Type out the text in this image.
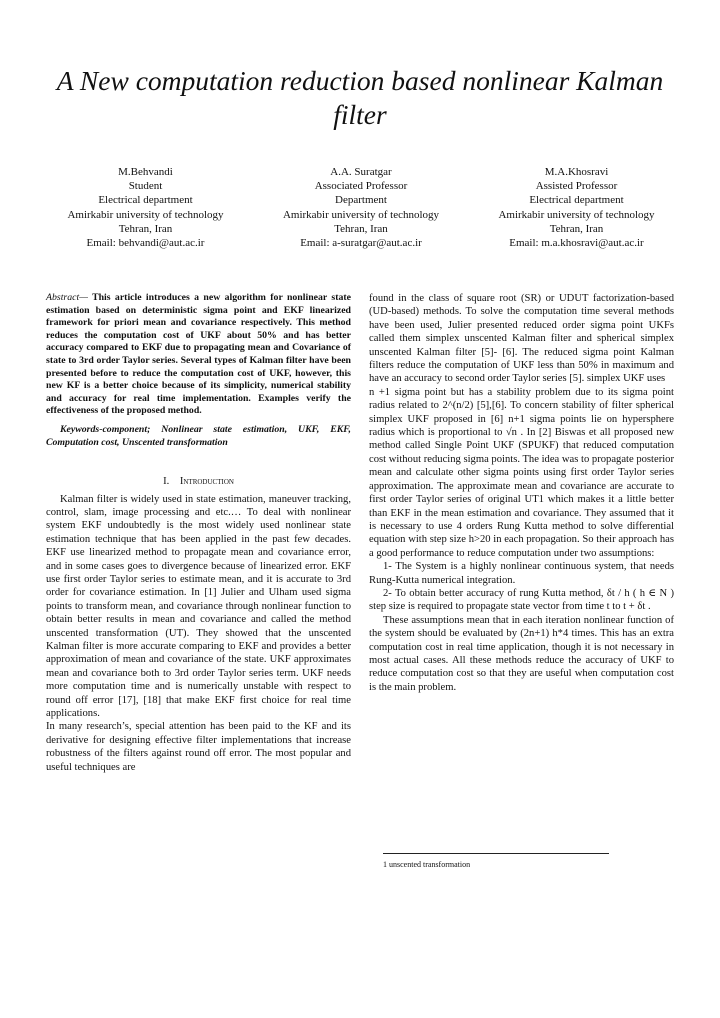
A New computation reduction based nonlinear Kalman filter
M.Behvandi
Student
Electrical department
Amirkabir university of technology
Tehran, Iran
Email: behvandi@aut.ac.ir
A.A. Suratgar
Associated Professor
Department
Amirkabir university of technology
Tehran, Iran
Email: a-suratgar@aut.ac.ir
M.A.Khosravi
Assisted Professor
Electrical department
Amirkabir university of technology
Tehran, Iran
Email: m.a.khosravi@aut.ac.ir

Abstract— This article introduces a new algorithm for nonlinear state estimation based on deterministic sigma point and EKF linearized framework for priori mean and covariance respectively. This method reduces the computation cost of UKF about 50% and has better accuracy compared to EKF due to propagating mean and Covariance of state to 3rd order Taylor series. Several types of Kalman filter have been presented before to reduce the computation cost of UKF, however, this new KF is a better choice because of its simplicity, numerical stability and accuracy for real time implementation. Examples verify the effectiveness of the proposed method.

Keywords-component; Nonlinear state estimation, UKF, EKF, Computation cost, Unscented transformation

I. Introduction

Kalman filter is widely used in state estimation, maneuver tracking, control, slam, image processing and etc.… To deal with nonlinear system EKF undoubtedly is the most widely used nonlinear state estimation technique that has been applied in the past few decades. EKF use linearized method to propagate mean and covariance error, and in some cases goes to divergence because of linearized error. EKF use first order Taylor series to estimate mean, and it is accurate to 3rd order for covariance estimation. In [1] Julier and Ulham used sigma points to transform mean, and covariance through nonlinear function to obtain better results in mean and covariance and called the method unscented transformation (UT). They showed that the unscented Kalman filter is more accurate comparing to EKF and provides a better approximation of mean and covariance of the state. UKF approximates mean and covariance both to 3rd order Taylor series term. UKF needs more computation time and is numerically unstable with respect to round off error [17], [18] that make EKF first choice for real time applications.

In many research’s, special attention has been paid to the KF and its derivative for designing effective filter implementations that increase robustness of the filters against round off error. The most popular and useful techniques are

found in the class of square root (SR) or UDUT factorization-based (UD-based) methods. To solve the computation time several methods have been used, Julier presented reduced order sigma point UKFs called them simplex unscented Kalman filter and spherical simplex unscented Kalman filter [5]- [6]. The reduced sigma point Kalman filters reduce the computation of UKF less than 50% in maximum and have an accuracy to second order Taylor series [5]. simplex UKF uses

n +1 sigma point but has a stability problem due to its sigma point radius related to 2^(n/2) [5],[6]. To concern stability of filter spherical simplex UKF proposed in [6] n+1 sigma points lie on hypersphere radius which is proportional to √n . In [2] Biswas et all proposed new method called Single Point UKF (SPUKF) that reduced computation cost without reducing sigma points. The idea was to propagate posterior mean and calculate other sigma points using first order Taylor series approximation. The approximate mean and covariance are accurate to first order Taylor series of original UT1 which makes it a little better than EKF in the mean estimation and covariance. They assumed that it is necessary to use 4 orders Rung Kutta method to solve differential equation with step size h>20 in each propagation. So their approach has a good performance to reduce computation under two assumptions:

1- The System is a highly nonlinear continuous system, that needs Rung-Kutta numerical integration.

2- To obtain better accuracy of rung Kutta method, δt / h ( h ∈ N ) step size is required to propagate state vector from time t to t + δt .

These assumptions mean that in each iteration nonlinear function of the system should be evaluated by (2n+1) h*4 times. This has an extra computation cost in real time application, though it is not necessary in most actual cases. All these methods reduce the accuracy of UKF to reduce computation cost so that they are useful when computation cost is the main problem.

1 unscented transformation
